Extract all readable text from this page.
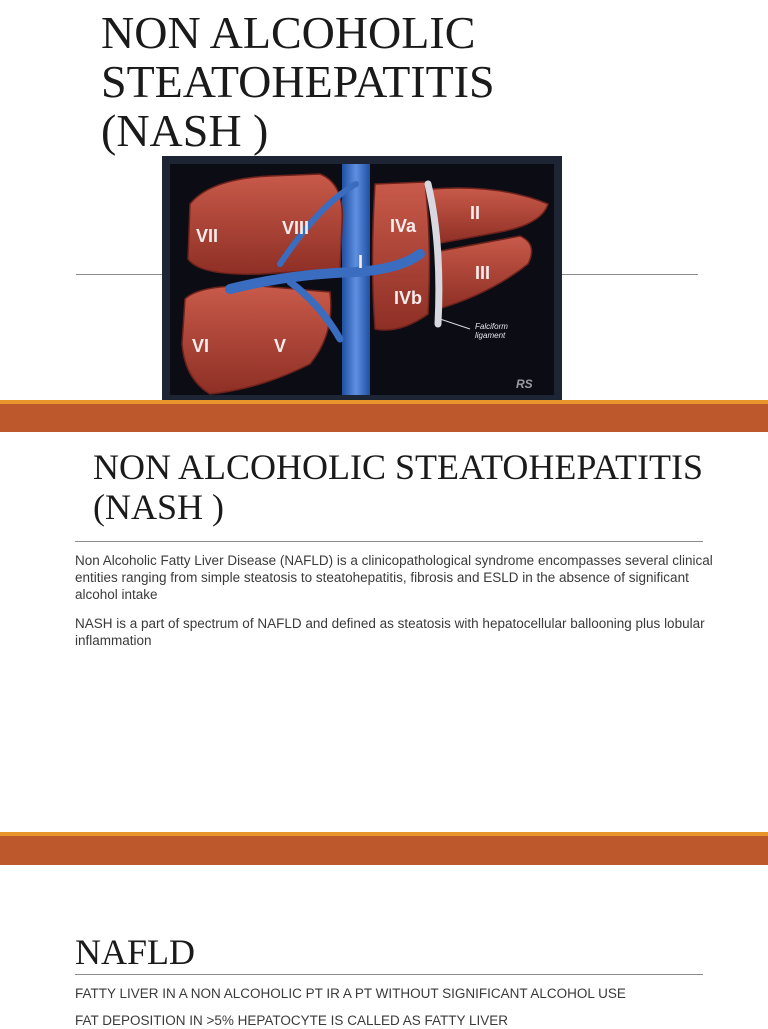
NON ALCOHOLIC
STEATOHEPATITIS
(NASH )
VII	VIII	IVa
II
I
III
IVb
VI	V
Falciform
ligament
RS
NON ALCOHOLIC STEATOHEPATITIS
(NASH )

Non Alcoholic Fatty Liver Disease (NAFLD) is a clinicopathological syndrome encompasses several clinical entities ranging from simple steatosis to steatohepatitis, fibrosis and ESLD in the absence of significant alcohol intake

NASH is a part of spectrum of NAFLD and defined as steatosis with hepatocellular ballooning plus lobular inflammation

NAFLD

FATTY LIVER IN A NON ALCOHOLIC PT IR A PT WITHOUT SIGNIFICANT ALCOHOL USE

FAT DEPOSITION IN >5% HEPATOCYTE IS CALLED AS FATTY LIVER
